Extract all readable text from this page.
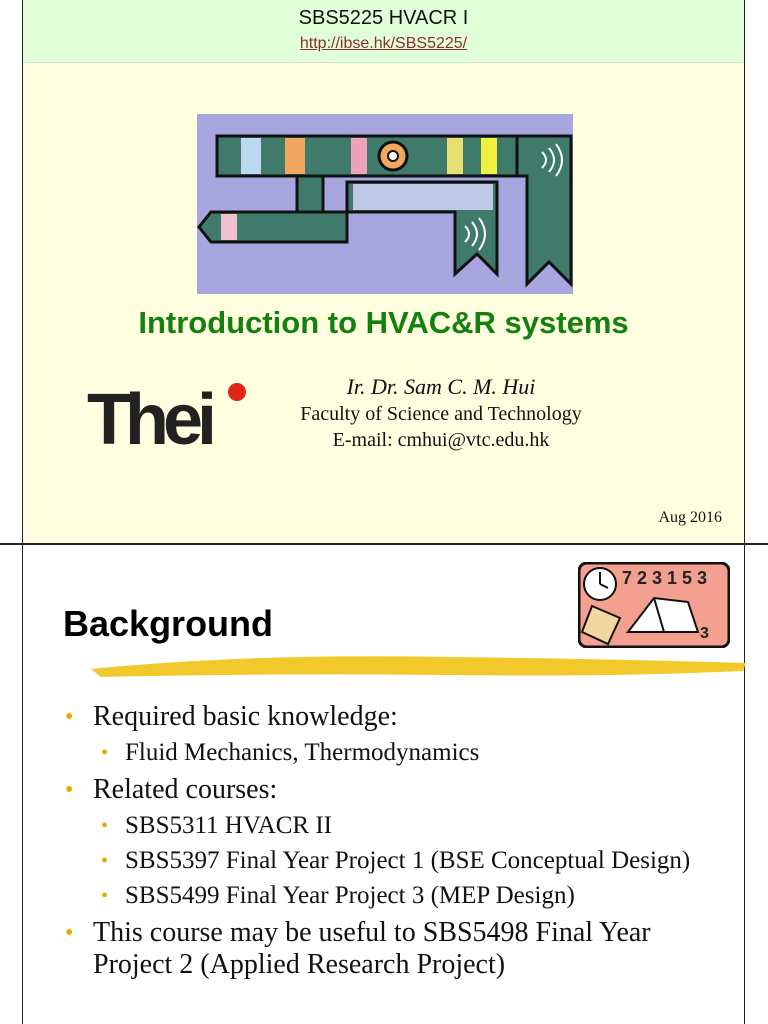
SBS5225 HVACR I
http://ibse.hk/SBS5225/
Introduction to HVAC&R systems
Thei	Ir. Dr. Sam C. M. Hui
Faculty of Science and Technology
E-mail: cmhui@vtc.edu.hk
Aug 2016
Background
7 2 3 1 5 3
3
• Required basic knowledge:
• Fluid Mechanics, Thermodynamics
• Related courses:
• SBS5311 HVACR II
• SBS5397 Final Year Project 1 (BSE Conceptual Design)
• SBS5499 Final Year Project 3 (MEP Design)
• This course may be useful to SBS5498 Final Year Project 2 (Applied Research Project)
